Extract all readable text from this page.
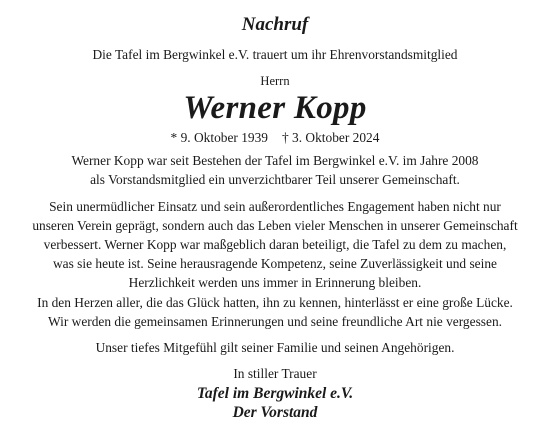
Nachruf
Die Tafel im Bergwinkel e.V. trauert um ihr Ehrenvorstandsmitglied
Herrn
Werner Kopp
* 9. Oktober 1939 † 3. Oktober 2024
Werner Kopp war seit Bestehen der Tafel im Bergwinkel e.V. im Jahre 2008
als Vorstandsmitglied ein unverzichtbarer Teil unserer Gemeinschaft.
Sein unermüdlicher Einsatz und sein außerordentliches Engagement haben nicht nur
unseren Verein geprägt, sondern auch das Leben vieler Menschen in unserer Gemeinschaft
verbessert. Werner Kopp war maßgeblich daran beteiligt, die Tafel zu dem zu machen,
was sie heute ist. Seine herausragende Kompetenz, seine Zuverlässigkeit und seine
Herzlichkeit werden uns immer in Erinnerung bleiben.
In den Herzen aller, die das Glück hatten, ihn zu kennen, hinterlässt er eine große Lücke.
Wir werden die gemeinsamen Erinnerungen und seine freundliche Art nie vergessen.
Unser tiefes Mitgefühl gilt seiner Familie und seinen Angehörigen.
In stiller Trauer
Tafel im Bergwinkel e.V.
Der Vorstand
